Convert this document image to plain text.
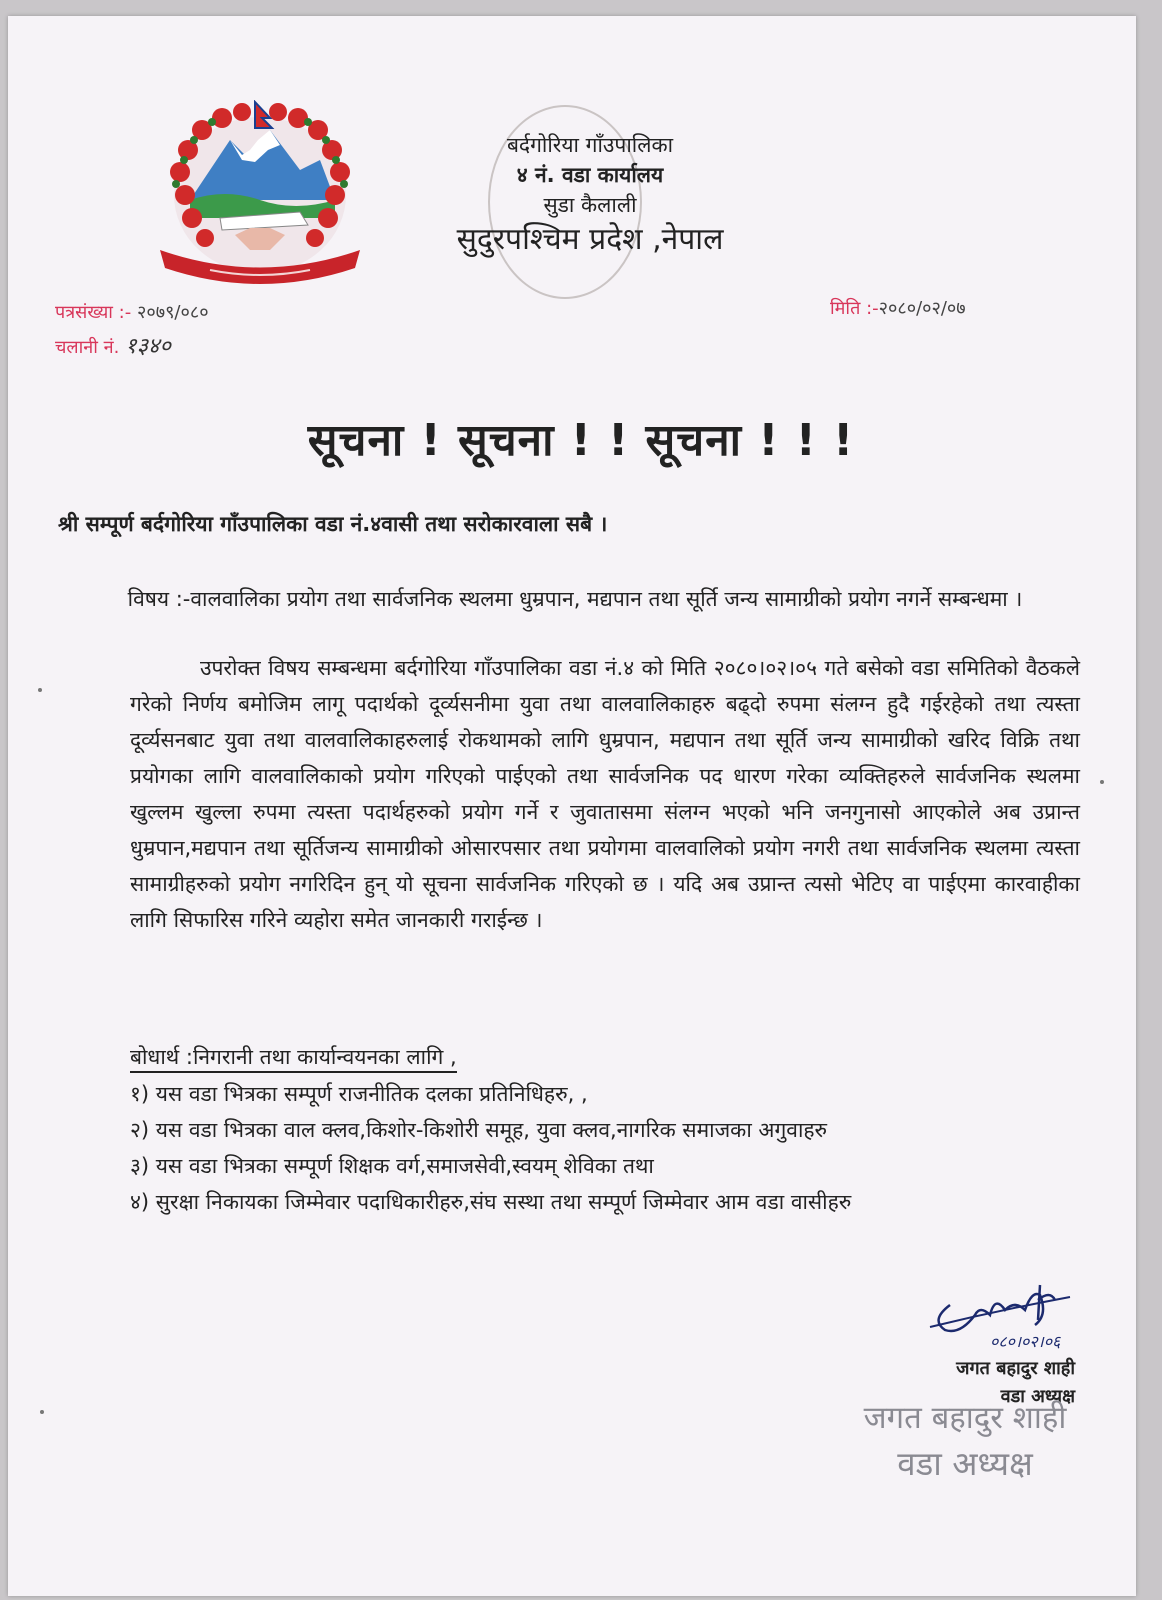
बर्दगोरिया गाँउपालिका
४ नं. वडा कार्यालय
सुडा कैलाली
सुदुरपश्चिम प्रदेश ,नेपाल
पत्रसंख्या :- २०७९/०८०
चलानी नं. १३४०
मिति :-२०८०/०२/०७
सूचना ! सूचना ! ! सूचना ! ! !
श्री सम्पूर्ण बर्दगोरिया गाँउपालिका वडा नं.४वासी तथा सरोकारवाला सबै ।
विषय :-वालवालिका प्रयोग तथा सार्वजनिक स्थलमा धुम्रपान, मद्यपान तथा सूर्ति जन्य सामाग्रीको प्रयोग नगर्ने सम्बन्धमा ।
उपरोक्त विषय सम्बन्धमा बर्दगोरिया गाँउपालिका वडा नं.४ को मिति २०८०।०२।०५ गते बसेको वडा समितिको वैठकले गरेको निर्णय बमोजिम लागू पदार्थको दूर्व्यसनीमा युवा तथा वालवालिकाहरु बढ्दो रुपमा संलग्न हुदै गईरहेको तथा त्यस्ता दूर्व्यसनबाट युवा तथा वालवालिकाहरुलाई रोकथामको लागि धुम्रपान, मद्यपान तथा सूर्ति जन्य सामाग्रीको खरिद विक्रि तथा प्रयोगका लागि वालवालिकाको प्रयोग गरिएको पाईएको तथा सार्वजनिक पद धारण गरेका व्यक्तिहरुले सार्वजनिक स्थलमा खुल्लम खुल्ला रुपमा त्यस्ता पदार्थहरुको प्रयोग गर्ने र जुवातासमा संलग्न भएको भनि जनगुनासो आएकोले अब उप्रान्त धुम्रपान,मद्यपान तथा सूर्तिजन्य सामाग्रीको ओसारपसार तथा प्रयोगमा वालवालिको प्रयोग नगरी तथा सार्वजनिक स्थलमा त्यस्ता सामाग्रीहरुको प्रयोग नगरिदिन हुन् यो सूचना सार्वजनिक गरिएको छ । यदि अब उप्रान्त त्यसो भेटिए वा पाईएमा कारवाहीका लागि सिफारिस गरिने व्यहोरा समेत जानकारी गराईन्छ ।
बोधार्थ :निगरानी तथा कार्यान्वयनका लागि ,
१) यस वडा भित्रका सम्पूर्ण राजनीतिक दलका प्रतिनिधिहरु, ,
२) यस वडा भित्रका वाल क्लव,किशोर-किशोरी समूह, युवा क्लव,नागरिक समाजका अगुवाहरु
३) यस वडा भित्रका सम्पूर्ण शिक्षक वर्ग,समाजसेवी,स्वयम् शेविका तथा
४) सुरक्षा निकायका जिम्मेवार पदाधिकारीहरु,संघ सस्था तथा सम्पूर्ण जिम्मेवार आम वडा वासीहरु
०८०।०२।०६
जगत बहादुर शाही
वडा अध्यक्ष
जगत बहादुर शाही
वडा अध्यक्ष
